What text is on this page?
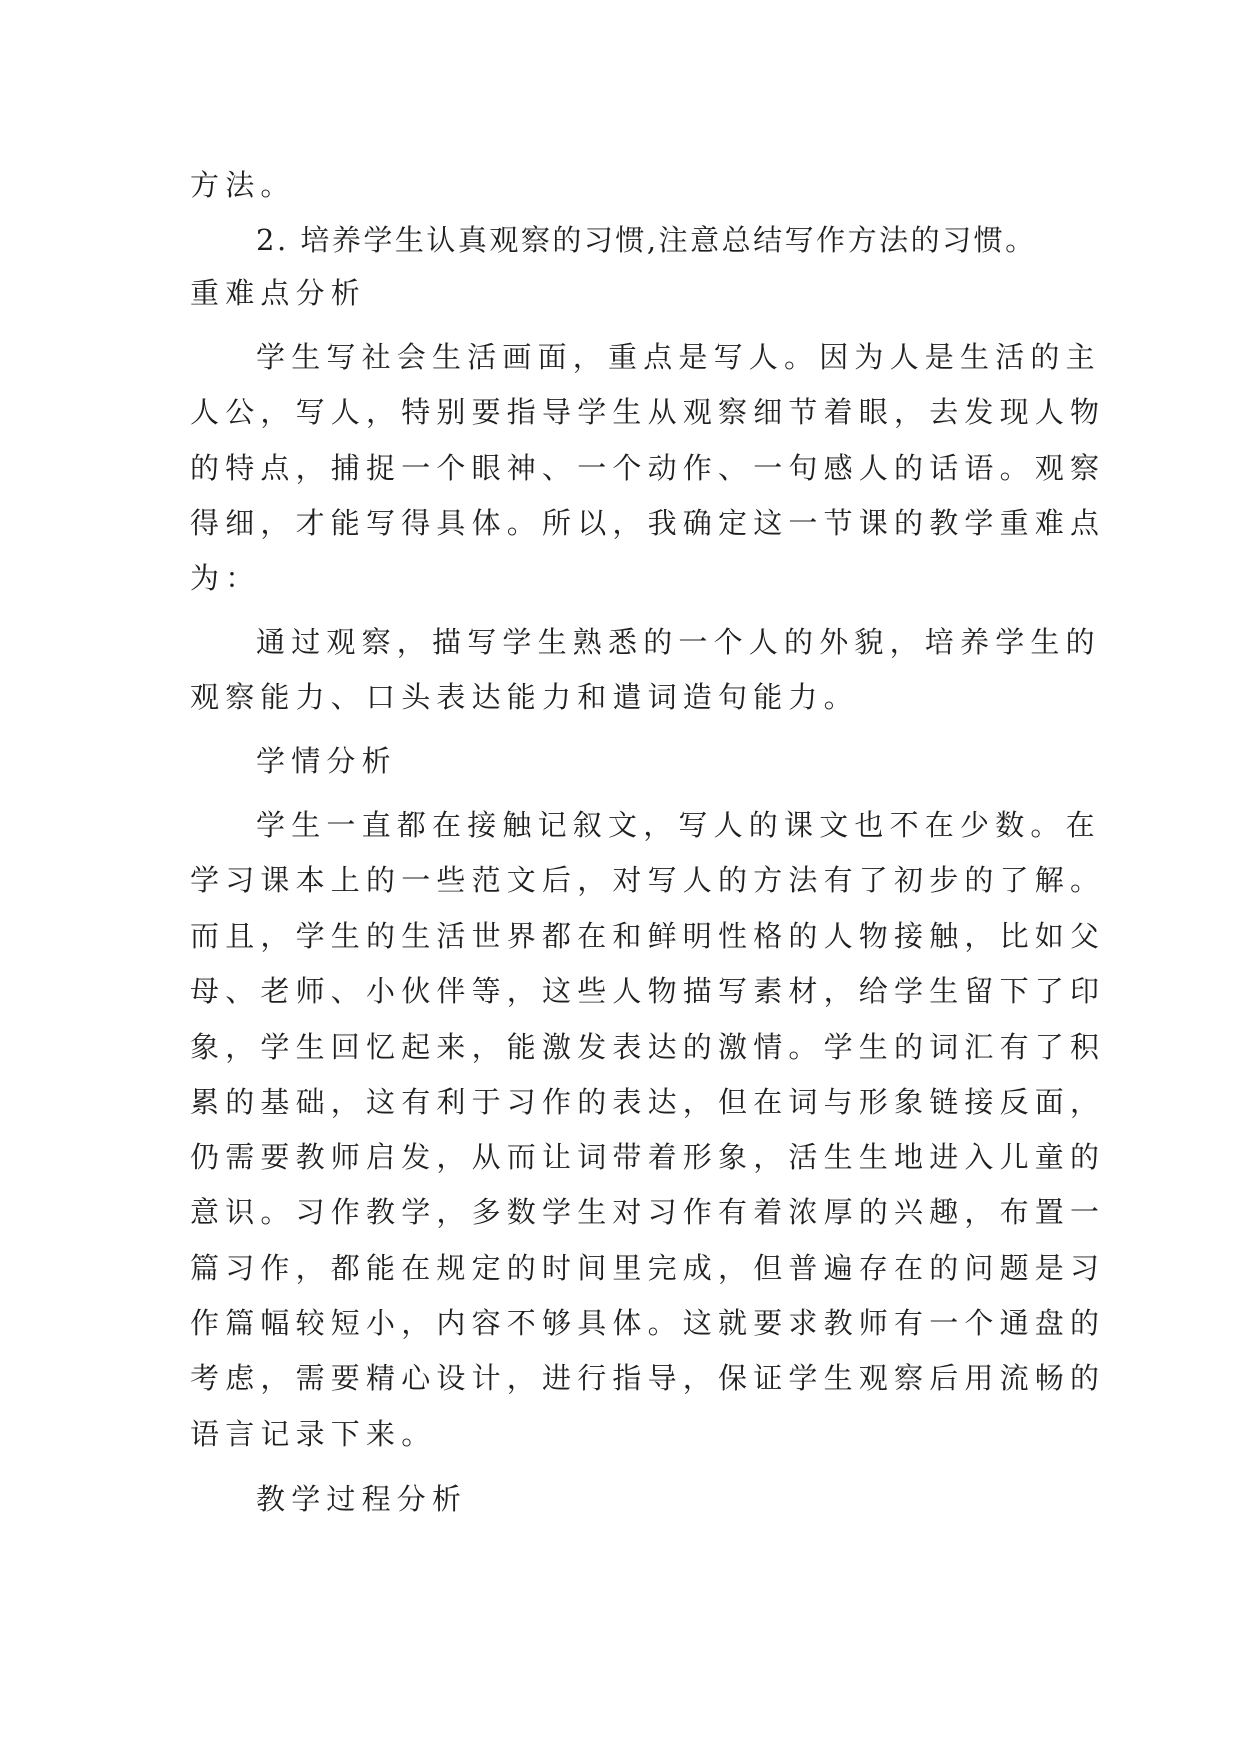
方法。
2. 培养学生认真观察的习惯,注意总结写作方法的习惯。
重难点分析
学生写社会生活画面，重点是写人。因为人是生活的主
人公，写人，特别要指导学生从观察细节着眼，去发现人物
的特点，捕捉一个眼神、一个动作、一句感人的话语。观察
得细，才能写得具体。所以，我确定这一节课的教学重难点
为：
通过观察，描写学生熟悉的一个人的外貌，培养学生的
观察能力、口头表达能力和遣词造句能力。
学情分析
学生一直都在接触记叙文，写人的课文也不在少数。在
学习课本上的一些范文后，对写人的方法有了初步的了解。
而且，学生的生活世界都在和鲜明性格的人物接触，比如父
母、老师、小伙伴等，这些人物描写素材，给学生留下了印
象，学生回忆起来，能激发表达的激情。学生的词汇有了积
累的基础，这有利于习作的表达，但在词与形象链接反面，
仍需要教师启发，从而让词带着形象，活生生地进入儿童的
意识。习作教学，多数学生对习作有着浓厚的兴趣，布置一
篇习作，都能在规定的时间里完成，但普遍存在的问题是习
作篇幅较短小，内容不够具体。这就要求教师有一个通盘的
考虑，需要精心设计，进行指导，保证学生观察后用流畅的
语言记录下来。
教学过程分析
